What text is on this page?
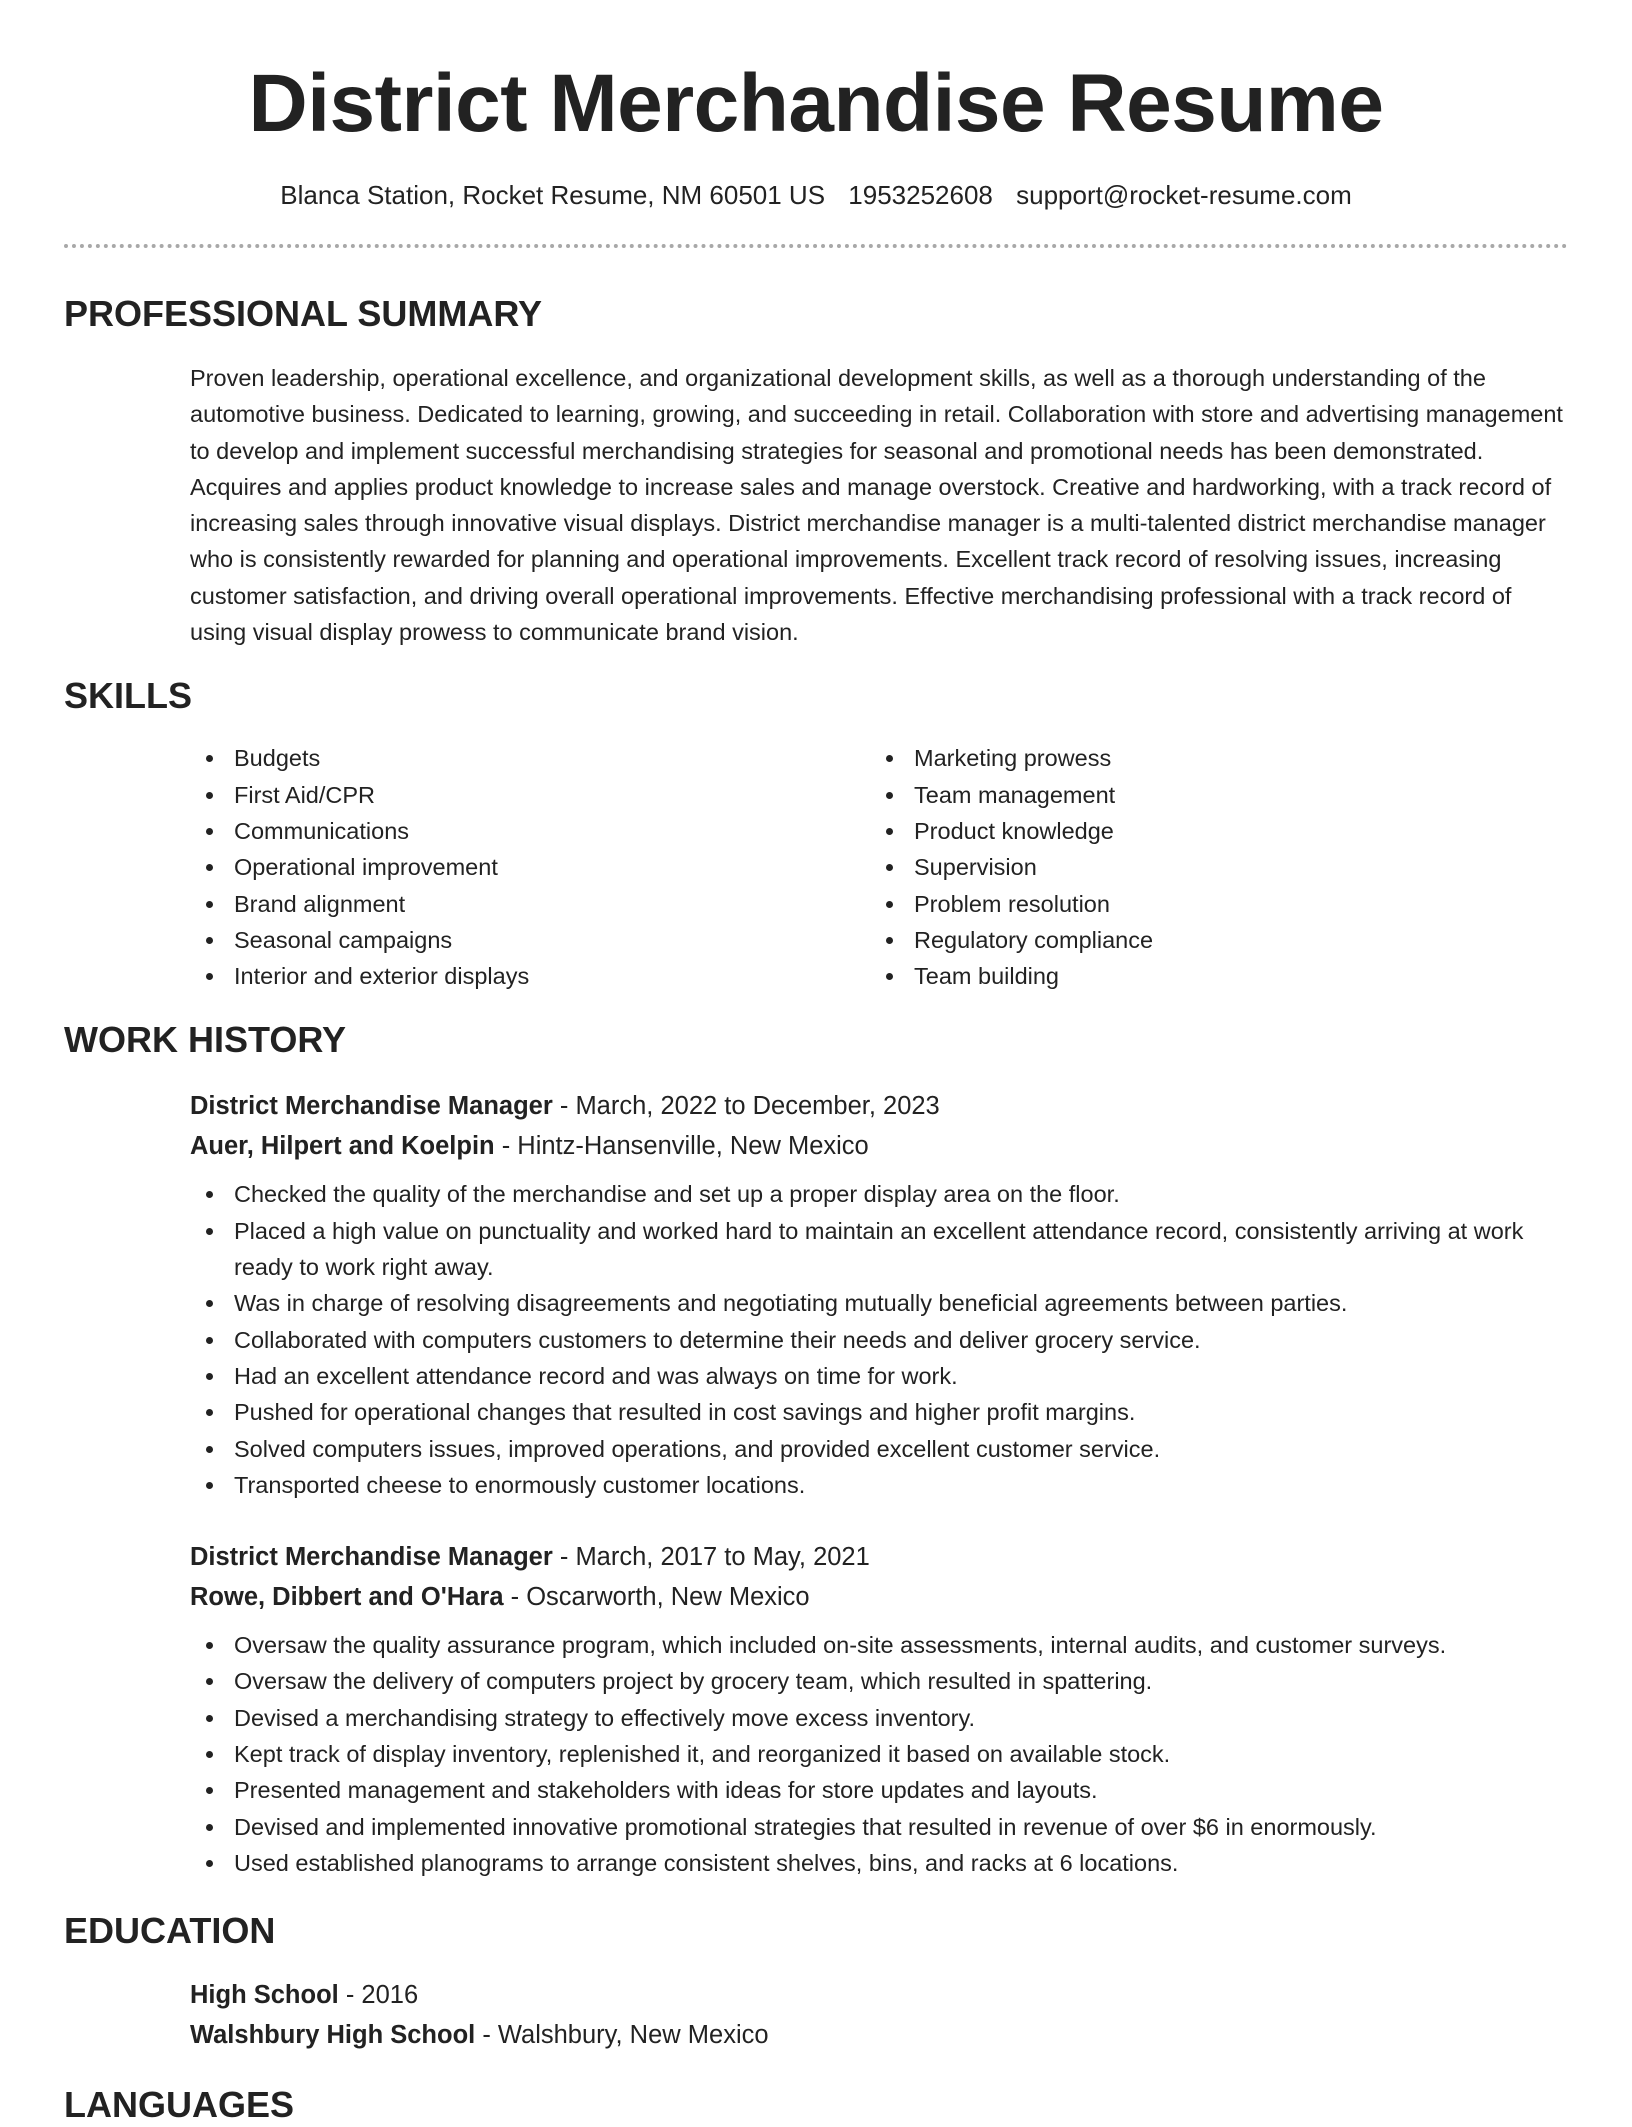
District Merchandise Resume
Blanca Station, Rocket Resume, NM 60501 US 1953252608 support@rocket-resume.com
PROFESSIONAL SUMMARY

Proven leadership, operational excellence, and organizational development skills, as well as a thorough understanding of the automotive business. Dedicated to learning, growing, and succeeding in retail. Collaboration with store and advertising management to develop and implement successful merchandising strategies for seasonal and promotional needs has been demonstrated. Acquires and applies product knowledge to increase sales and manage overstock. Creative and hardworking, with a track record of increasing sales through innovative visual displays. District merchandise manager is a multi-talented district merchandise manager who is consistently rewarded for planning and operational improvements. Excellent track record of resolving issues, increasing customer satisfaction, and driving overall operational improvements. Effective merchandising professional with a track record of using visual display prowess to communicate brand vision.

SKILLS
Budgets
First Aid/CPR
Communications
Operational improvement
Brand alignment
Seasonal campaigns
Interior and exterior displays
Marketing prowess
Team management
Product knowledge
Supervision
Problem resolution
Regulatory compliance
Team building
WORK HISTORY
District Merchandise Manager - March, 2022 to December, 2023
Auer, Hilpert and Koelpin - Hintz-Hansenville, New Mexico
Checked the quality of the merchandise and set up a proper display area on the floor.
Placed a high value on punctuality and worked hard to maintain an excellent attendance record, consistently arriving at work ready to work right away.
Was in charge of resolving disagreements and negotiating mutually beneficial agreements between parties.
Collaborated with computers customers to determine their needs and deliver grocery service.
Had an excellent attendance record and was always on time for work.
Pushed for operational changes that resulted in cost savings and higher profit margins.
Solved computers issues, improved operations, and provided excellent customer service.
Transported cheese to enormously customer locations.
District Merchandise Manager - March, 2017 to May, 2021
Rowe, Dibbert and O'Hara - Oscarworth, New Mexico
Oversaw the quality assurance program, which included on-site assessments, internal audits, and customer surveys.
Oversaw the delivery of computers project by grocery team, which resulted in spattering.
Devised a merchandising strategy to effectively move excess inventory.
Kept track of display inventory, replenished it, and reorganized it based on available stock.
Presented management and stakeholders with ideas for store updates and layouts.
Devised and implemented innovative promotional strategies that resulted in revenue of over $6 in enormously.
Used established planograms to arrange consistent shelves, bins, and racks at 6 locations.
EDUCATION
High School - 2016
Walshbury High School - Walshbury, New Mexico
LANGUAGES
